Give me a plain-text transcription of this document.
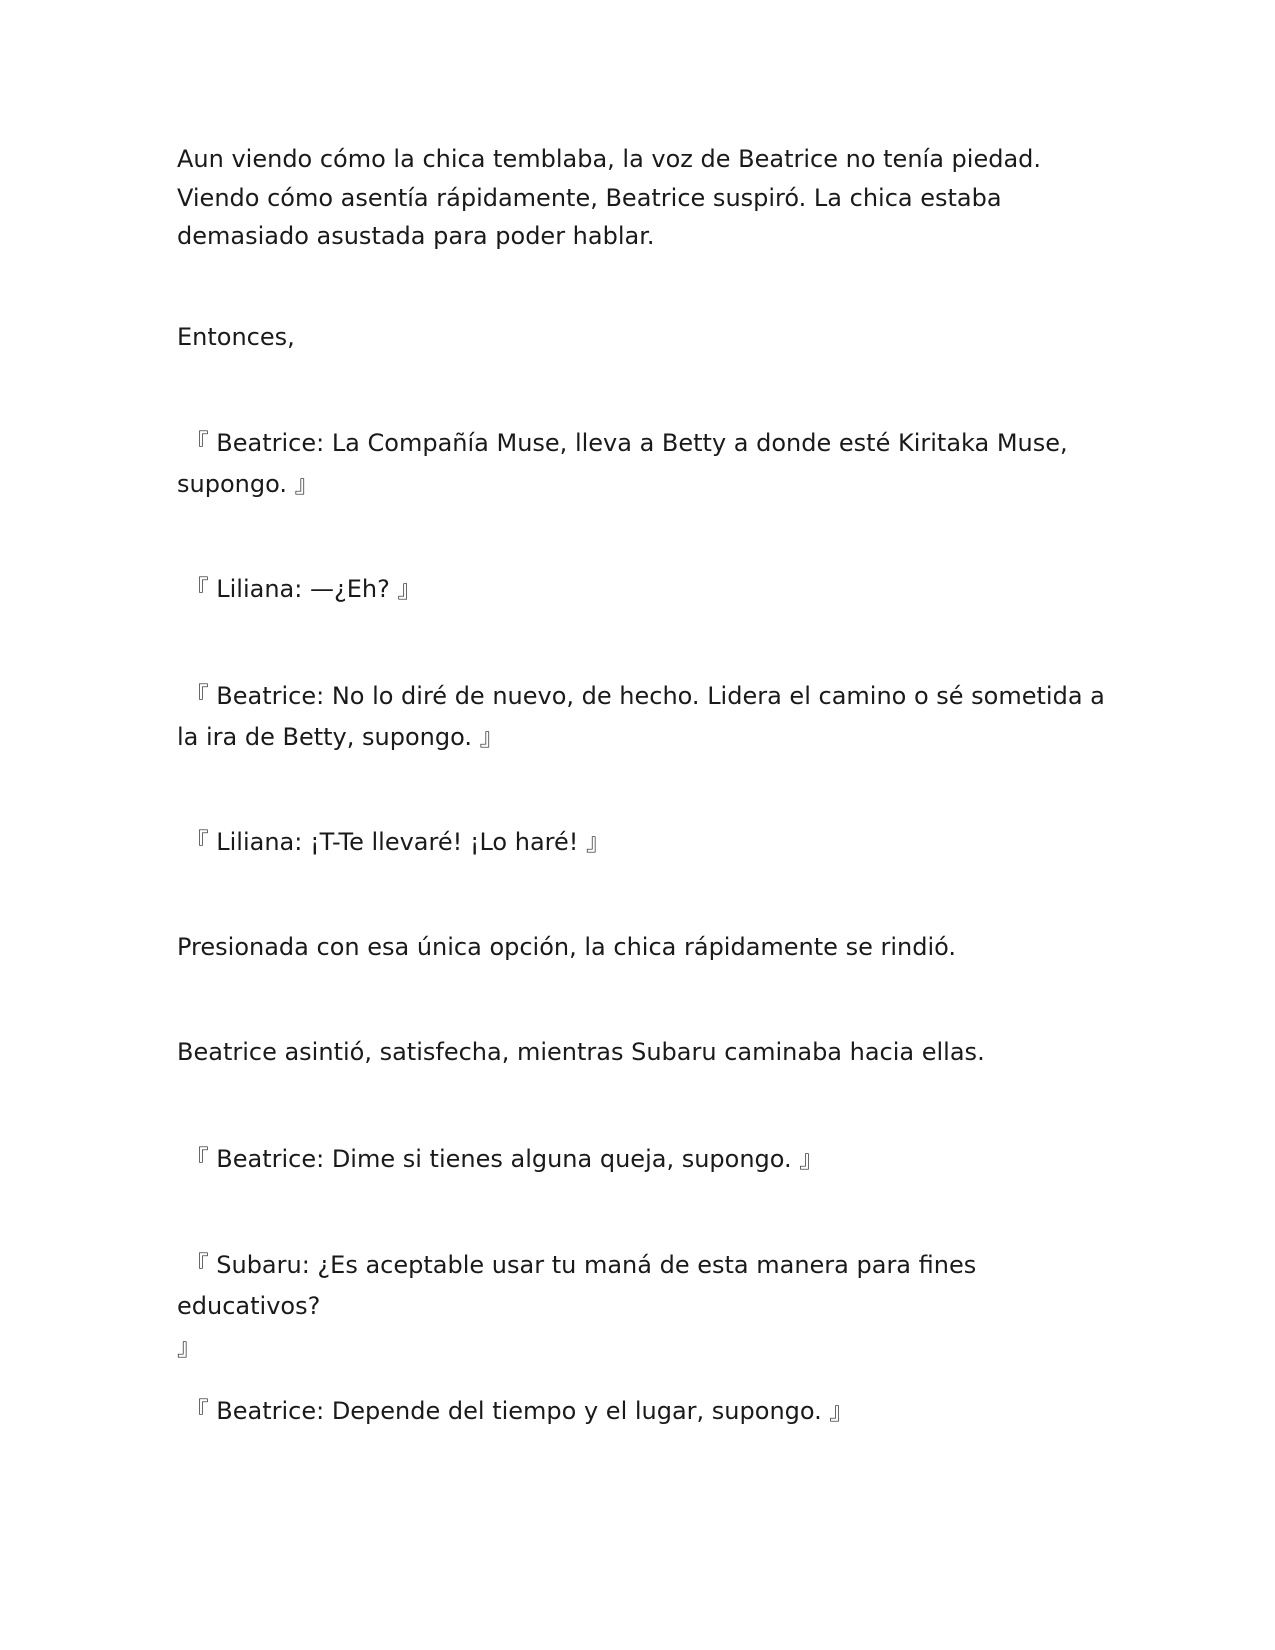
Aun viendo cómo la chica temblaba, la voz de Beatrice no tenía piedad.
Viendo cómo asentía rápidamente, Beatrice suspiró. La chica estaba
demasiado asustada para poder hablar.

Entonces,

『 Beatrice: La Compañía Muse, lleva a Betty a donde esté Kiritaka Muse,
supongo. 』

『 Liliana: —¿Eh? 』

『 Beatrice: No lo diré de nuevo, de hecho. Lidera el camino o sé sometida a
la ira de Betty, supongo. 』

『 Liliana: ¡T-Te llevaré! ¡Lo haré! 』

Presionada con esa única opción, la chica rápidamente se rindió.

Beatrice asintió, satisfecha, mientras Subaru caminaba hacia ellas.

『 Beatrice: Dime si tienes alguna queja, supongo. 』

『 Subaru: ¿Es aceptable usar tu maná de esta manera para fines educativos?
』

『 Beatrice: Depende del tiempo y el lugar, supongo. 』
